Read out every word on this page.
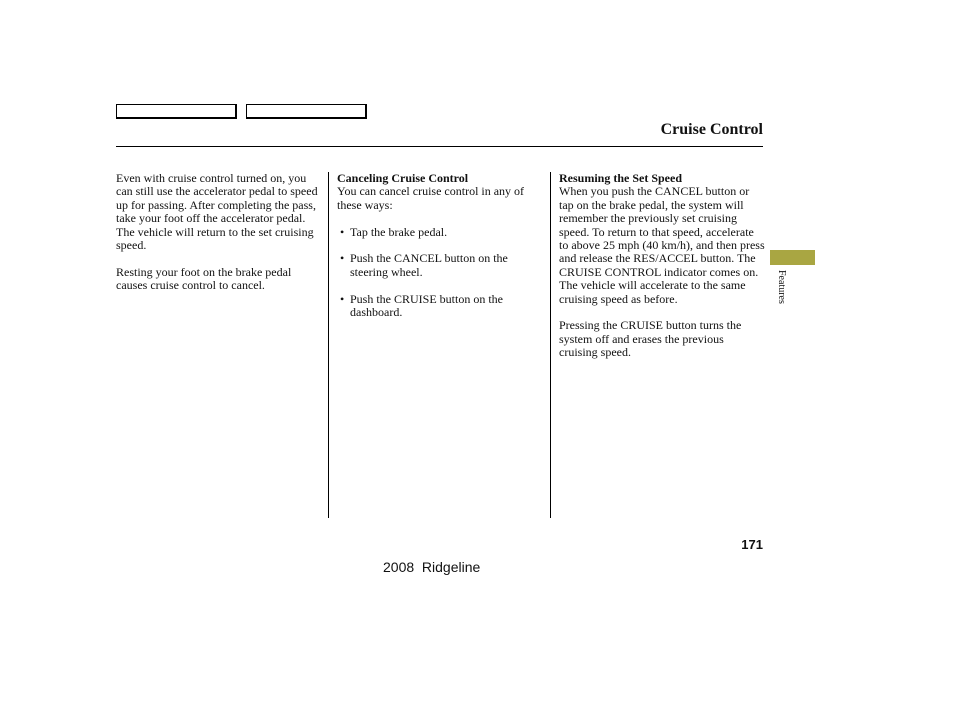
Cruise Control

Even with cruise control turned on, you can still use the accelerator pedal to speed up for passing. After completing the pass, take your foot off the accelerator pedal. The vehicle will return to the set cruising speed.

Resting your foot on the brake pedal causes cruise control to cancel.

Canceling Cruise Control

You can cancel cruise control in any of these ways:

• Tap the brake pedal.
• Push the CANCEL button on the steering wheel.
• Push the CRUISE button on the dashboard.
Resuming the Set Speed

When you push the CANCEL button or tap on the brake pedal, the system will remember the previously set cruising speed. To return to that speed, accelerate to above 25 mph (40 km/h), and then press and release the RES/ACCEL button. The CRUISE CONTROL indicator comes on. The vehicle will accelerate to the same cruising speed as before.

Pressing the CRUISE button turns the system off and erases the previous cruising speed.

Features
171
2008  Ridgeline
